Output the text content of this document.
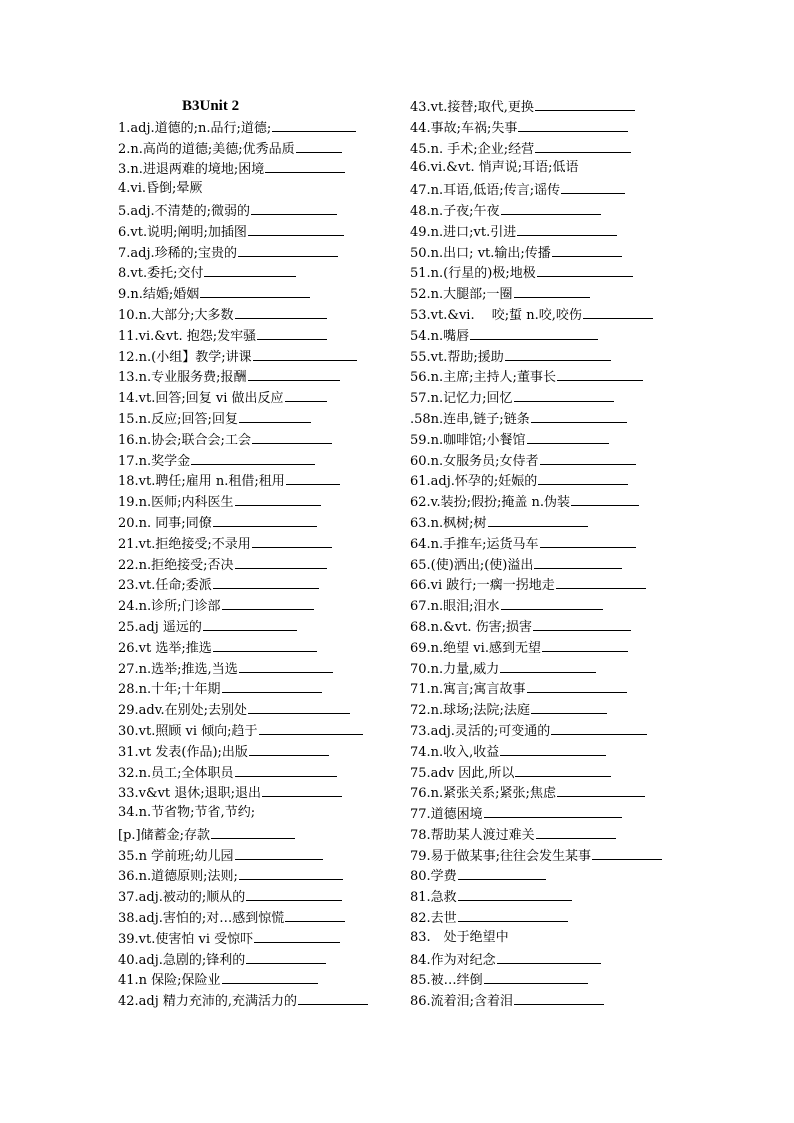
B3Unit 2
1.adj.道德的;n.品行;道德;
2.n.高尚的道德;美德;优秀品质
3.n.进退两难的境地;困境
4.vi.昏倒;晕厥
5.adj.不清楚的;微弱的
6.vt.说明;阐明;加插图
7.adj.珍稀的;宝贵的
8.vt.委托;交付
9.n.结婚;婚姻
10.n.大部分;大多数
11.vi.&vt. 抱怨;发牢骚
12.n.(小组】教学;讲课
13.n.专业服务费;报酬
14.vt.回答;回复 vi 做出反应
15.n.反应;回答;回复
16.n.协会;联合会;工会
17.n.奖学金
18.vt.聘任;雇用 n.租借;租用
19.n.医师;内科医生
20.n. 同事;同僚
21.vt.拒绝接受;不录用
22.n.拒绝接受;否决
23.vt.任命;委派
24.n.诊所;门诊部
25.adj 遥远的
26.vt 选举;推选
27.n.选举;推选,当选
28.n.十年;十年期
29.adv.在别处;去别处
30.vt.照顾 vi 倾向;趋于
31.vt 发表(作品);出版
32.n.员工;全体职员
33.v&vt 退休;退职;退出
34.n.节省物;节省,节约;
[p.]储蓄金;存款
35.n 学前班;幼儿园
36.n.道德原则;法则;
37.adj.被动的;顺从的
38.adj.害怕的;对…感到惊慌
39.vt.使害怕 vi 受惊吓
40.adj.急剧的;锋利的
41.n 保险;保险业
42.adj 精力充沛的,充满活力的
43.vt.接替;取代,更换
44.事故;车祸;失事
45.n. 手术;企业;经营
46.vi.&vt. 悄声说;耳语;低语
47.n.耳语,低语;传言;谣传
48.n.子夜;午夜
49.n.进口;vt.引进
50.n.出口; vt.输出;传播
51.n.(行星的)极;地极
52.n.大腿部;一圈
53.vt.&vi.　 咬;蜇 n.咬,咬伤
54.n.嘴唇
55.vt.帮助;援助
56.n.主席;主持人;董事长
57.n.记忆力;回忆
.58n.连串,链子;链条
59.n.咖啡馆;小餐馆
60.n.女服务员;女侍者
61.adj.怀孕的;妊娠的
62.v.装扮;假扮;掩盖 n.伪装
63.n.枫树;树
64.n.手推车;运货马车
65.(使)洒出;(使)溢出
66.vi 跛行;一瘸一拐地走
67.n.眼泪;泪水
68.n.&vt. 伤害;损害
69.n.绝望 vi.感到无望
70.n.力量,威力
71.n.寓言;寓言故事
72.n.球场;法院;法庭
73.adj.灵活的;可变通的
74.n.收入,收益
75.adv 因此,所以
76.n.紧张关系;紧张;焦虑
77.道德困境
78.帮助某人渡过难关
79.易于做某事;往往会发生某事
80.学费
81.急救
82.去世
83.　处于绝望中
84.作为对纪念
85.被…绊倒
86.流着泪;含着泪
